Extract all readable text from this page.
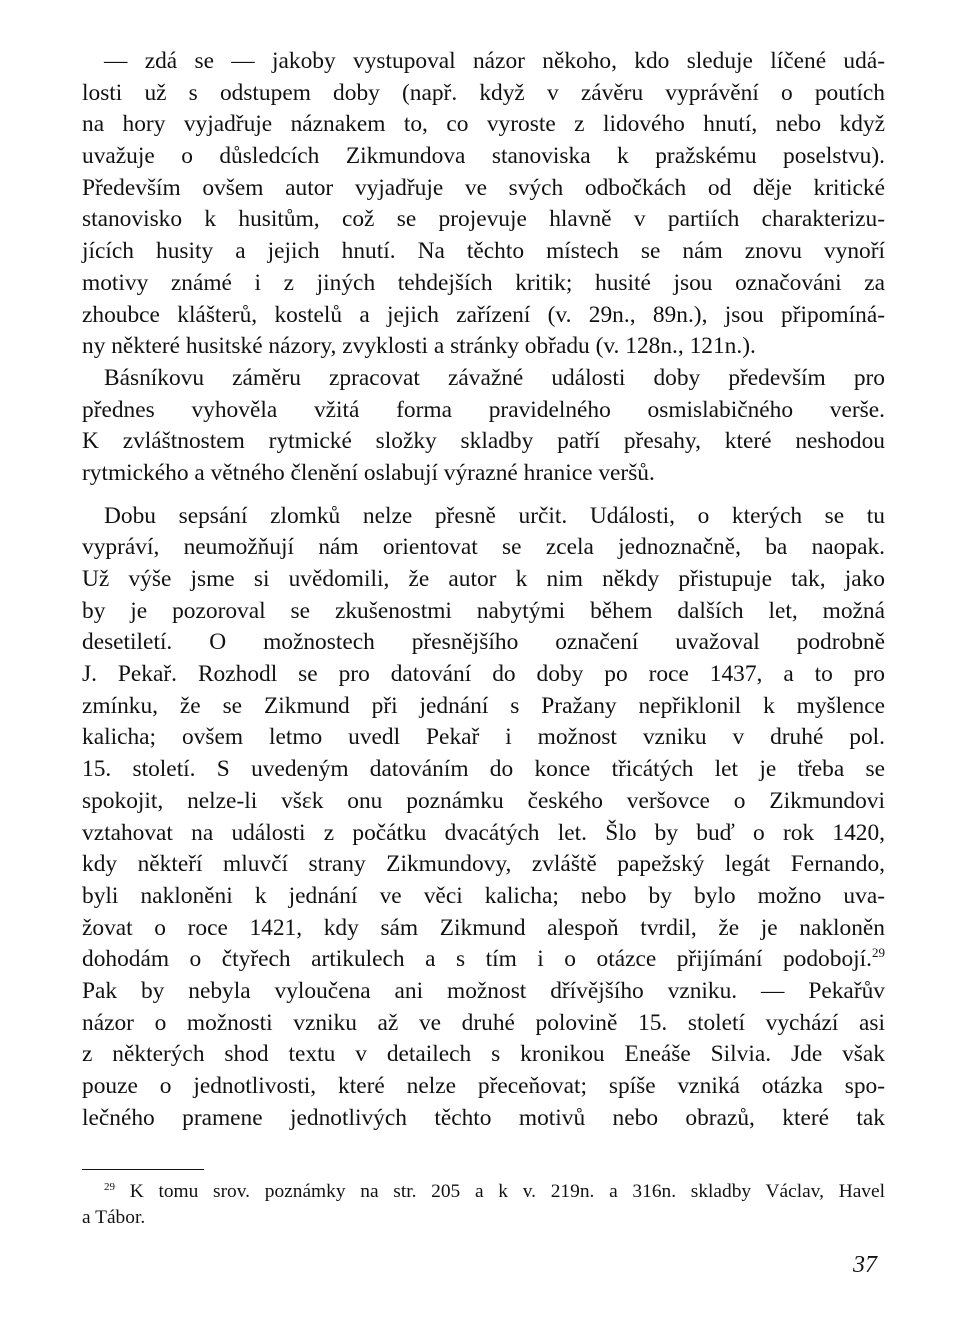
— zdá se — jakoby vystupoval názor někoho, kdo sleduje líčené udá-
losti už s odstupem doby (např. když v závěru vyprávění o poutích
na hory vyjadřuje náznakem to, co vyroste z lidového hnutí, nebo když
uvažuje o důsledcích Zikmundova stanoviska k pražskému poselstvu).
Především ovšem autor vyjadřuje ve svých odbočkách od děje kritické
stanovisko k husitům, což se projevuje hlavně v partiích charakterizu-
jících husity a jejich hnutí. Na těchto místech se nám znovu vynoří
motivy známé i z jiných tehdejších kritik; husité jsou označováni za
zhoubce klášterů, kostelů a jejich zařízení (v. 29n., 89n.), jsou připomíná-
ny některé husitské názory, zvyklosti a stránky obřadu (v. 128n., 121n.).
Básníkovu záměru zpracovat závažné události doby především pro
přednes vyhověla vžitá forma pravidelného osmislabičného verše.
K zvláštnostem rytmické složky skladby patří přesahy, které neshodou
rytmického a větného členění oslabují výrazné hranice veršů.
Dobu sepsání zlomků nelze přesně určit. Události, o kterých se tu
vypráví, neumožňují nám orientovat se zcela jednoznačně, ba naopak.
Už výše jsme si uvědomili, že autor k nim někdy přistupuje tak, jako
by je pozoroval se zkušenostmi nabytými během dalších let, možná
desetiletí. O možnostech přesnějšího označení uvažoval podrobně
J. Pekař. Rozhodl se pro datování do doby po roce 1437, a to pro
zmínku, že se Zikmund při jednání s Pražany nepřiklonil k myšlence
kalicha; ovšem letmo uvedl Pekař i možnost vzniku v druhé pol.
15. století. S uvedeným datováním do konce třicátých let je třeba se
spokojit, nelze-li všεk onu poznámku českého veršovce o Zikmundovi
vztahovat na události z počátku dvacátých let. Šlo by buď o rok 1420,
kdy někteří mluvčí strany Zikmundovy, zvláště papežský legát Fernando,
byli nakloněni k jednání ve věci kalicha; nebo by bylo možno uva-
žovat o roce 1421, kdy sám Zikmund alespoň tvrdil, že je nakloněn
dohodám o čtyřech artikulech a s tím i o otázce přijímání podobojí.$^{29}$
Pak by nebyla vyloučena ani možnost dřívějšího vzniku. — Pekařův
názor o možnosti vzniku až ve druhé polovině 15. století vychází asi
z některých shod textu v detailech s kronikou Eneáše Silvia. Jde však
pouze o jednotlivosti, které nelze přeceňovat; spíše vzniká otázka spo-
lečného pramene jednotlivých těchto motivů nebo obrazů, které tak
$^{29}$ K tomu srov. poznámky na str. 205 a k v. 219n. a 316n. skladby Václav, Havel
a Tábor.
37
